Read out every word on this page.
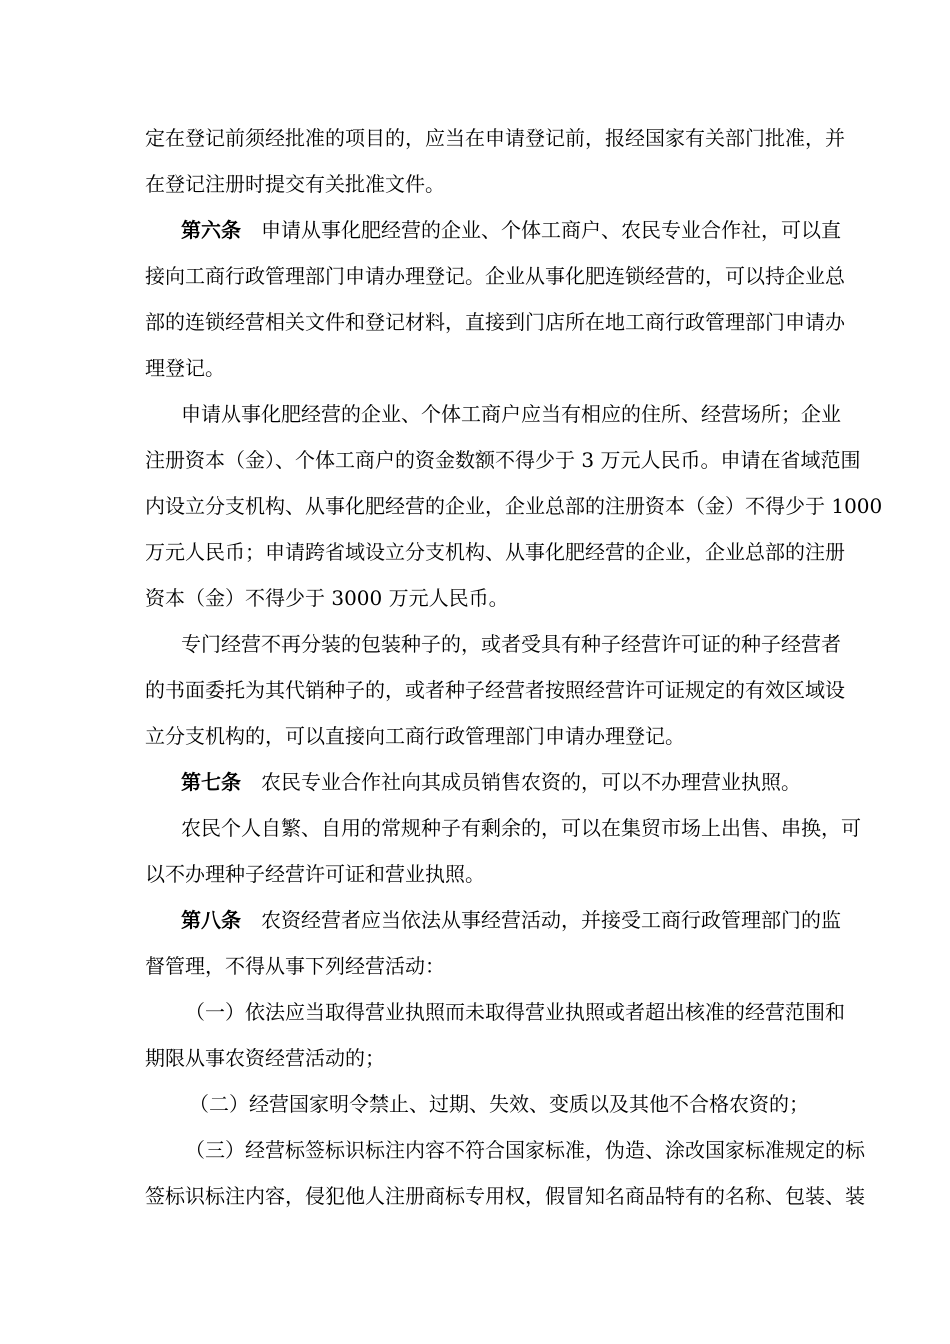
定在登记前须经批准的项目的，应当在申请登记前，报经国家有关部门批准，并
在登记注册时提交有关批准文件。
第六条 申请从事化肥经营的企业、个体工商户、农民专业合作社，可以直
接向工商行政管理部门申请办理登记。企业从事化肥连锁经营的，可以持企业总
部的连锁经营相关文件和登记材料，直接到门店所在地工商行政管理部门申请办
理登记。
申请从事化肥经营的企业、个体工商户应当有相应的住所、经营场所；企业
注册资本（金）、个体工商户的资金数额不得少于 3 万元人民币。申请在省域范围
内设立分支机构、从事化肥经营的企业，企业总部的注册资本（金）不得少于 1000
万元人民币；申请跨省域设立分支机构、从事化肥经营的企业，企业总部的注册
资本（金）不得少于 3000 万元人民币。
专门经营不再分装的包装种子的，或者受具有种子经营许可证的种子经营者
的书面委托为其代销种子的，或者种子经营者按照经营许可证规定的有效区域设
立分支机构的，可以直接向工商行政管理部门申请办理登记。
第七条 农民专业合作社向其成员销售农资的，可以不办理营业执照。
农民个人自繁、自用的常规种子有剩余的，可以在集贸市场上出售、串换，可
以不办理种子经营许可证和营业执照。
第八条 农资经营者应当依法从事经营活动，并接受工商行政管理部门的监
督管理，不得从事下列经营活动：
（一）依法应当取得营业执照而未取得营业执照或者超出核准的经营范围和
期限从事农资经营活动的；
（二）经营国家明令禁止、过期、失效、变质以及其他不合格农资的；
（三）经营标签标识标注内容不符合国家标准，伪造、涂改国家标准规定的标
签标识标注内容，侵犯他人注册商标专用权，假冒知名商品特有的名称、包装、装
